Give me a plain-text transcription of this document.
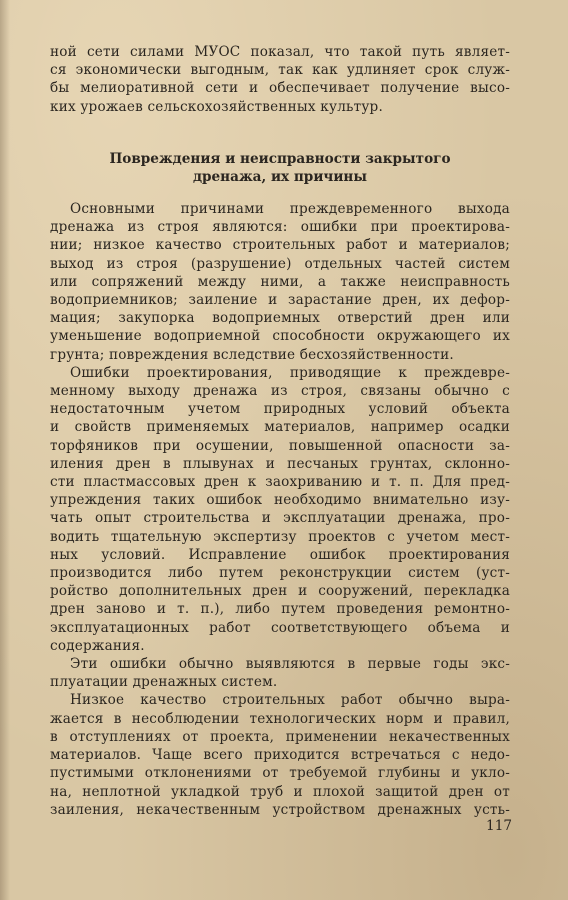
ной сети силами МУОС показал, что такой путь являет-
ся экономически выгодным, так как удлиняет срок служ-
бы мелиоративной сети и обеспечивает получение высо-
ких урожаев сельскохозяйственных культур.
Повреждения и неисправности закрытого
дренажа, их причины
Основными причинами преждевременного выхода
дренажа из строя являются: ошибки при проектирова-
нии; низкое качество строительных работ и материалов;
выход из строя (разрушение) отдельных частей систем
или сопряжений между ними, а также неисправность
водоприемников; заиление и зарастание дрен, их дефор-
мация; закупорка водоприемных отверстий дрен или
уменьшение водоприемной способности окружающего их
грунта; повреждения вследствие бесхозяйственности.
Ошибки проектирования, приводящие к преждевре-
менному выходу дренажа из строя, связаны обычно с
недостаточным учетом природных условий объекта
и свойств применяемых материалов, например осадки
торфяников при осушении, повышенной опасности за-
иления дрен в плывунах и песчаных грунтах, склонно-
сти пластмассовых дрен к заохриванию и т. п. Для пред-
упреждения таких ошибок необходимо внимательно изу-
чать опыт строительства и эксплуатации дренажа, про-
водить тщательную экспертизу проектов с учетом мест-
ных условий. Исправление ошибок проектирования
производится либо путем реконструкции систем (уст-
ройство дополнительных дрен и сооружений, перекладка
дрен заново и т. п.), либо путем проведения ремонтно-
эксплуатационных работ соответствующего объема и
содержания.
Эти ошибки обычно выявляются в первые годы экс-
плуатации дренажных систем.
Низкое качество строительных работ обычно выра-
жается в несоблюдении технологических норм и правил,
в отступлениях от проекта, применении некачественных
материалов. Чаще всего приходится встречаться с недо-
пустимыми отклонениями от требуемой глубины и укло-
на, неплотной укладкой труб и плохой защитой дрен от
заиления, некачественным устройством дренажных усть-
117
